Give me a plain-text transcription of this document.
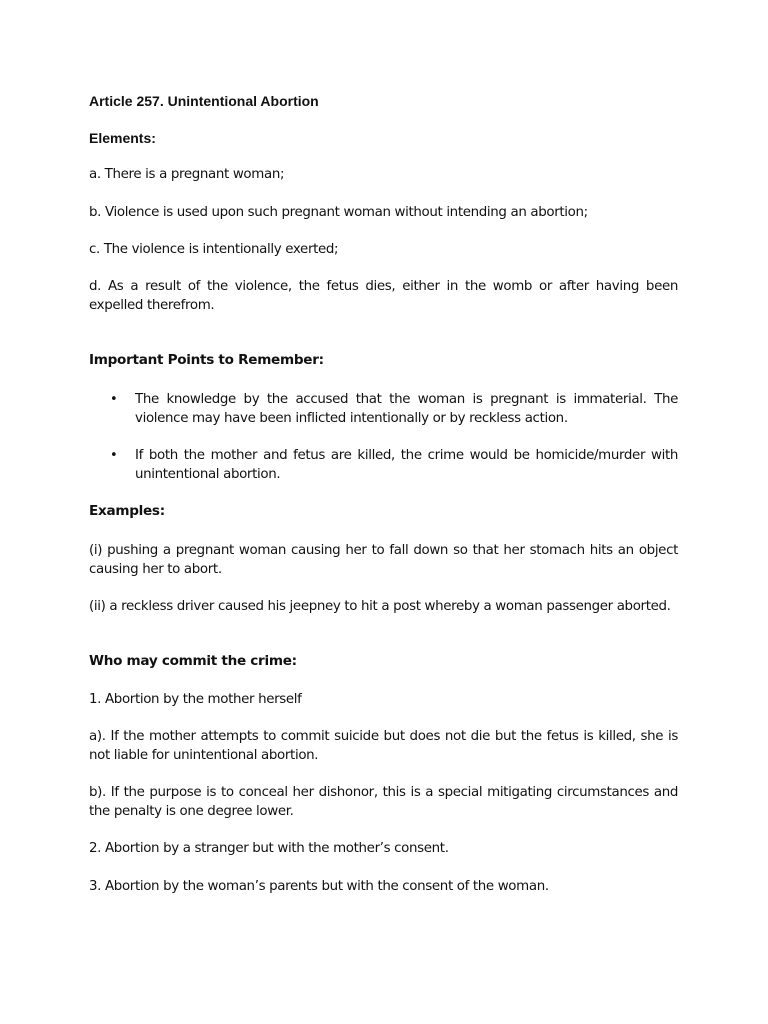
Article 257. Unintentional Abortion
Elements:

a. There is a pregnant woman;

b. Violence is used upon such pregnant woman without intending an abortion;

c. The violence is intentionally exerted;

d. As a result of the violence, the fetus dies, either in the womb or after having been expelled therefrom.

Important Points to Remember:
• The knowledge by the accused that the woman is pregnant is immaterial. The violence may have been inflicted intentionally or by reckless action.

• If both the mother and fetus are killed, the crime would be homicide/murder with unintentional abortion.

Examples:

(i) pushing a pregnant woman causing her to fall down so that her stomach hits an object causing her to abort.

(ii) a reckless driver caused his jeepney to hit a post whereby a woman passenger aborted.

Who may commit the crime:

1. Abortion by the mother herself

a). If the mother attempts to commit suicide but does not die but the fetus is killed, she is not liable for unintentional abortion.

b). If the purpose is to conceal her dishonor, this is a special mitigating circumstances and the penalty is one degree lower.

2. Abortion by a stranger but with the mother’s consent.

3. Abortion by the woman’s parents but with the consent of the woman.
